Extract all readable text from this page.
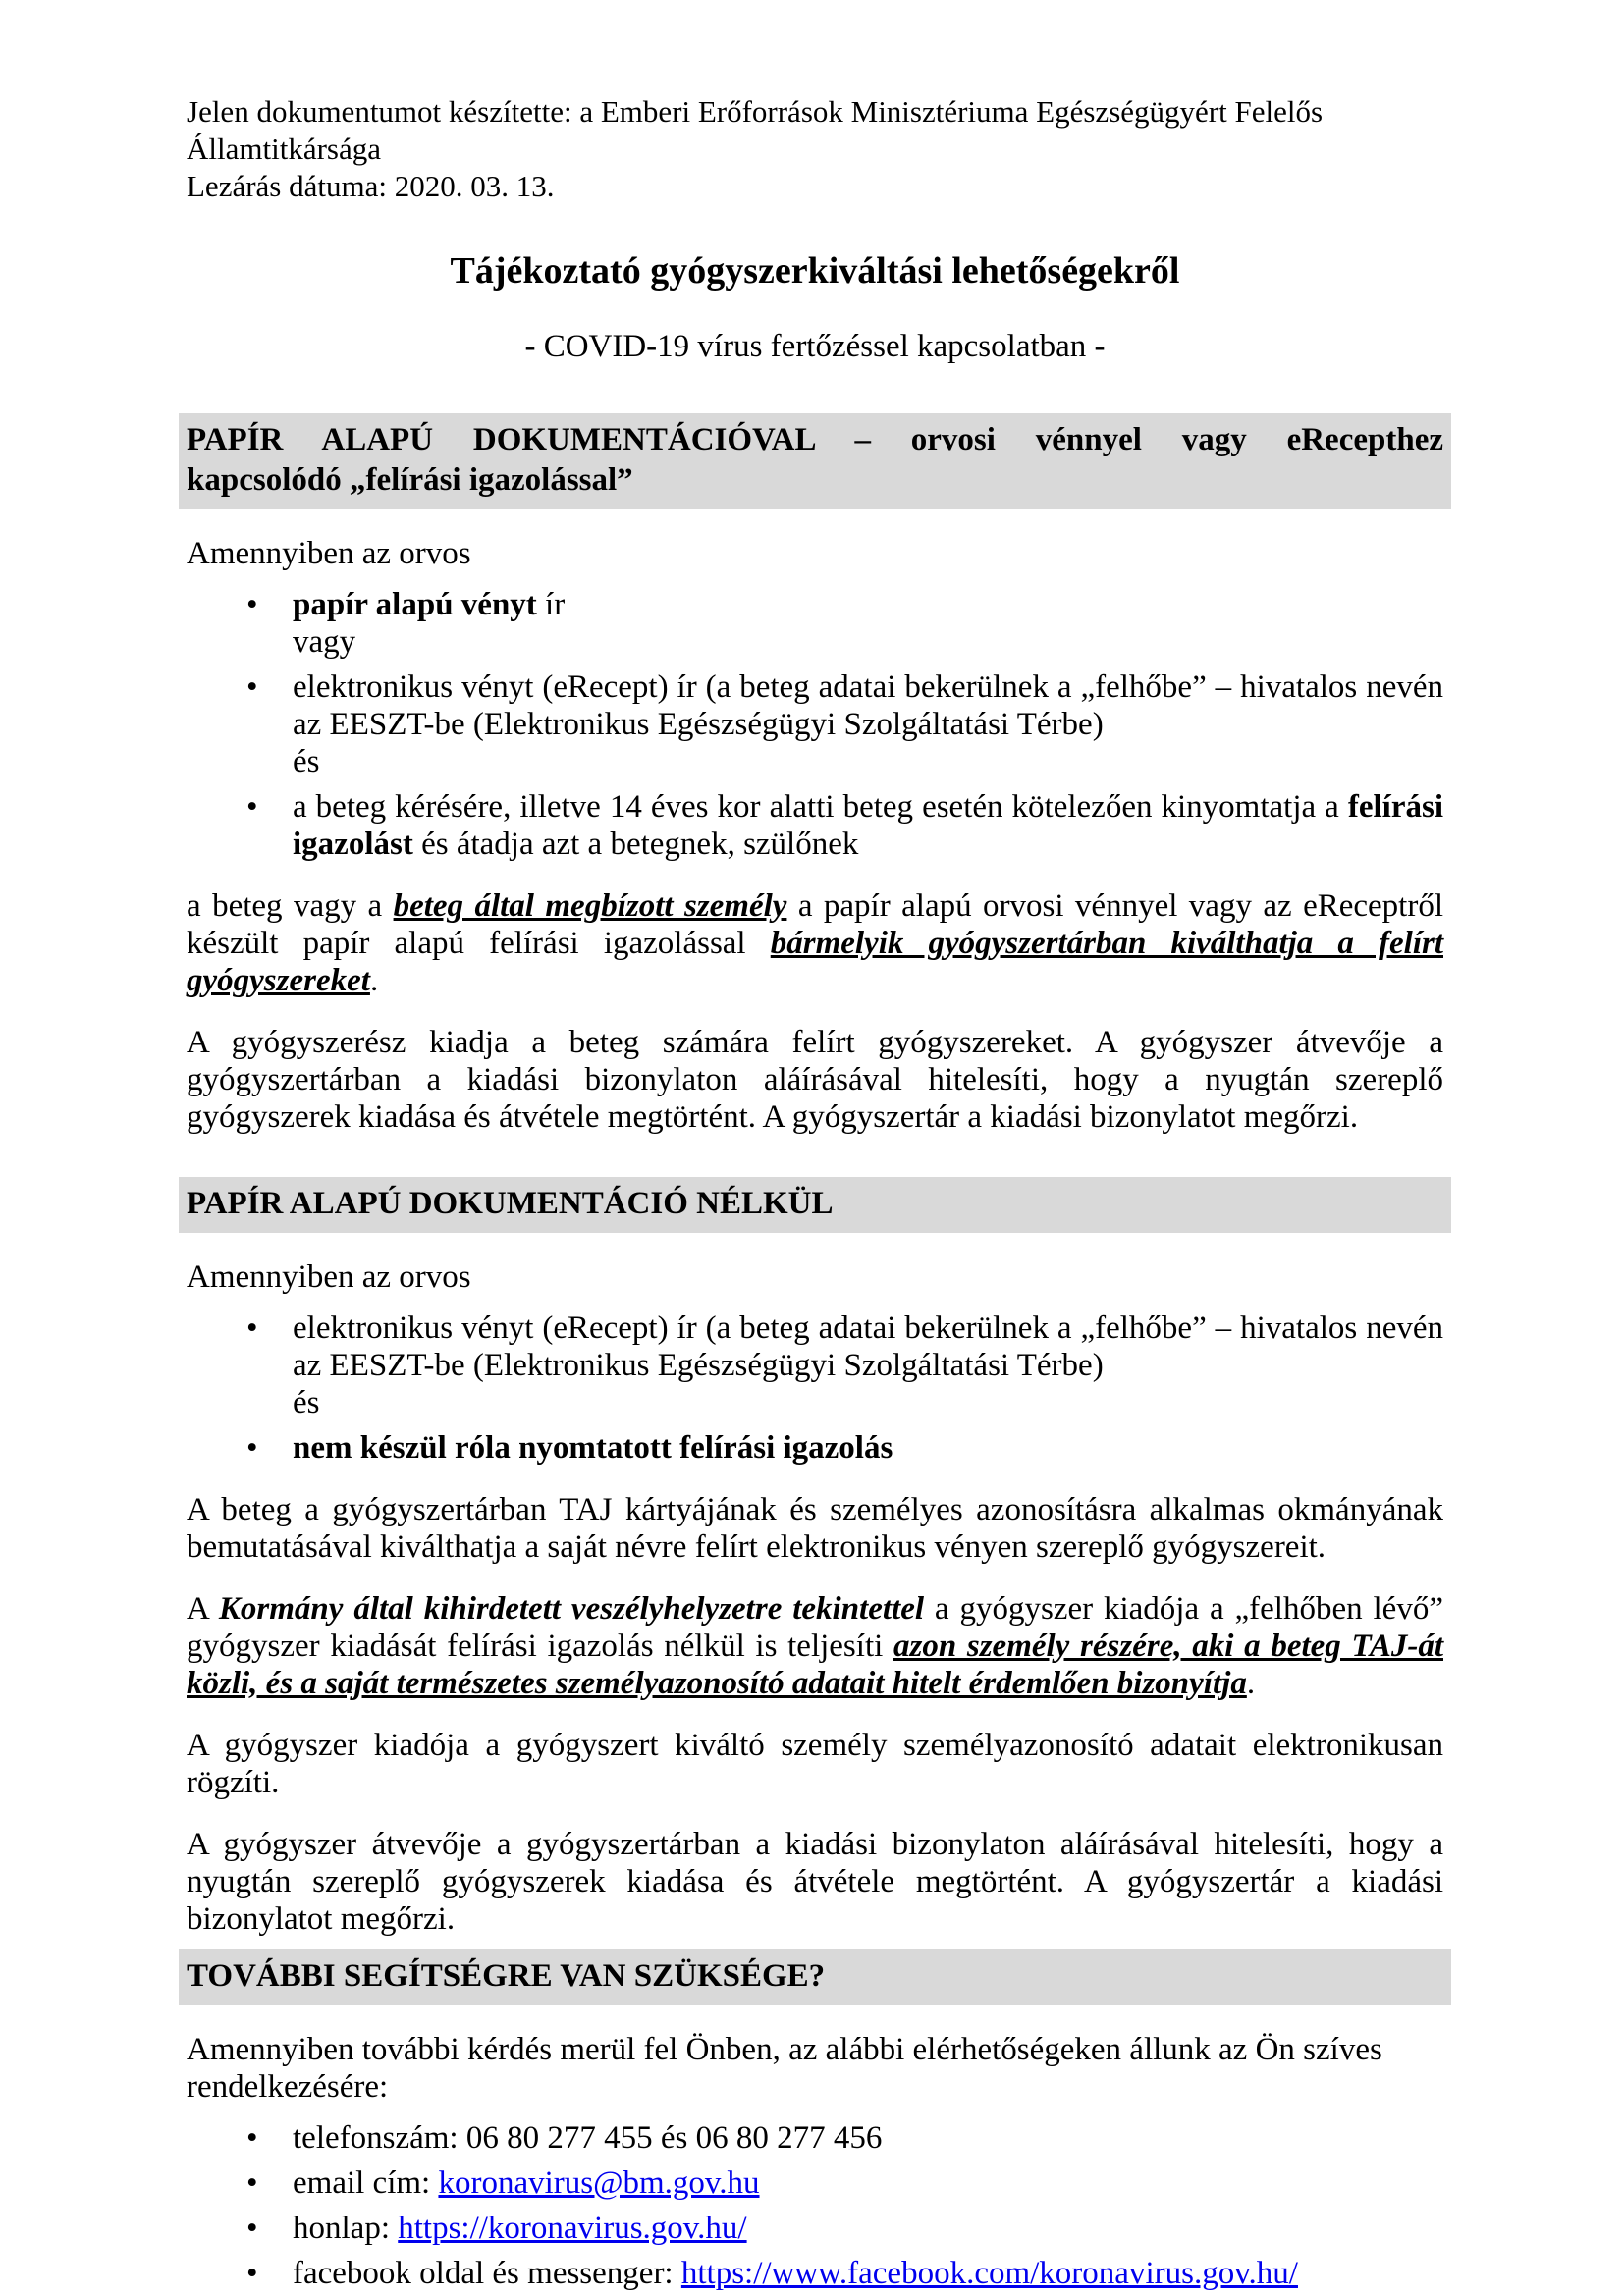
Jelen dokumentumot készítette: a Emberi Erőforrások Minisztériuma Egészségügyért Felelős Államtitkársága

Lezárás dátuma: 2020. 03. 13.

Tájékoztató gyógyszerkiváltási lehetőségekről

- COVID-19 vírus fertőzéssel kapcsolatban -

PAPÍR ALAPÚ DOKUMENTÁCIÓVAL – orvosi vénnyel vagy eRecepthez
kapcsolódó „felírási igazolással”

Amennyiben az orvos

• papír alapú vényt ír
vagy
• elektronikus vényt (eRecept) ír (a beteg adatai bekerülnek a „felhőbe” – hivatalos nevén az EESZT-be (Elektronikus Egészségügyi Szolgáltatási Térbe)
és
• a beteg kérésére, illetve 14 éves kor alatti beteg esetén kötelezően kinyomtatja a felírási igazolást és átadja azt a betegnek, szülőnek

a beteg vagy a beteg által megbízott személy a papír alapú orvosi vénnyel vagy az eReceptről készült papír alapú felírási igazolással bármelyik gyógyszertárban kiválthatja a felírt gyógyszereket.

A gyógyszerész kiadja a beteg számára felírt gyógyszereket. A gyógyszer átvevője a gyógyszertárban a kiadási bizonylaton aláírásával hitelesíti, hogy a nyugtán szereplő gyógyszerek kiadása és átvétele megtörtént. A gyógyszertár a kiadási bizonylatot megőrzi.

PAPÍR ALAPÚ DOKUMENTÁCIÓ NÉLKÜL

Amennyiben az orvos

• elektronikus vényt (eRecept) ír (a beteg adatai bekerülnek a „felhőbe” – hivatalos nevén az EESZT-be (Elektronikus Egészségügyi Szolgáltatási Térbe)
és
• nem készül róla nyomtatott felírási igazolás

A beteg a gyógyszertárban TAJ kártyájának és személyes azonosításra alkalmas okmányának bemutatásával kiválthatja a saját névre felírt elektronikus vényen szereplő gyógyszereit.

A Kormány által kihirdetett veszélyhelyzetre tekintettel a gyógyszer kiadója a „felhőben lévő” gyógyszer kiadását felírási igazolás nélkül is teljesíti azon személy részére, aki a beteg TAJ-át közli, és a saját természetes személyazonosító adatait hitelt érdemlően bizonyítja.

A gyógyszer kiadója a gyógyszert kiváltó személy személyazonosító adatait elektronikusan rögzíti.

A gyógyszer átvevője a gyógyszertárban a kiadási bizonylaton aláírásával hitelesíti, hogy a nyugtán szereplő gyógyszerek kiadása és átvétele megtörtént. A gyógyszertár a kiadási bizonylatot megőrzi.

TOVÁBBI SEGÍTSÉGRE VAN SZÜKSÉGE?

Amennyiben további kérdés merül fel Önben, az alábbi elérhetőségeken állunk az Ön szíves rendelkezésére:

• telefonszám: 06 80 277 455 és 06 80 277 456
• email cím: koronavirus@bm.gov.hu
• honlap: https://koronavirus.gov.hu/
• facebook oldal és messenger: https://www.facebook.com/koronavirus.gov.hu/
